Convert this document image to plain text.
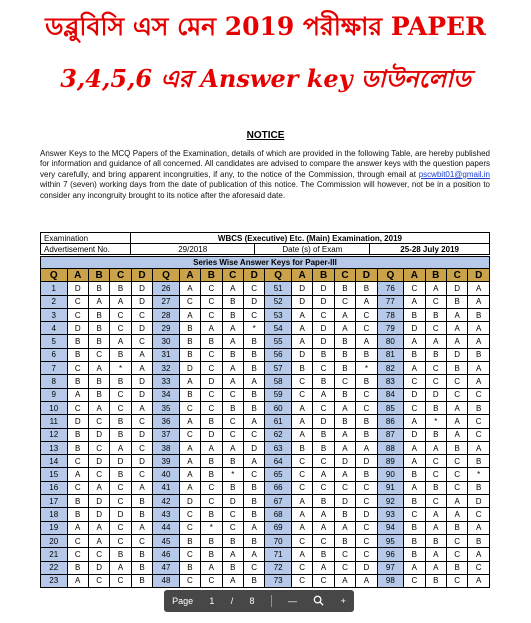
ডব্লুবিসি এস মেন 2019 পরীক্ষার PAPER
3,4,5,6 এর Answer key ডাউনলোড
NOTICE
Answer Keys to the MCQ Papers of the Examination, details of which are provided in the following Table, are hereby published for information and guidance of all concerned. All candidates are advised to compare the answer keys with the question papers very carefully, and bring apparent incongruities, if any, to the notice of the Commission, through email at pscwbit01@gmail.in within 7 (seven) working days from the date of publication of this notice. The Commission will however, not be in a position to consider any incongruity brought to its notice after the aforesaid date.
Examination	WBCS (Executive) Etc. (Main) Examination, 2019		
Advertisement No.	29/2018	Date (s) of Exam	25-28 July 2019
Series Wise Answer Keys for Paper-III																			
Q	A	B	C	D	Q	A	B	C	D	Q	A	B	C	D	Q	A	B	C	D
1	D	B	B	D	26	A	C	A	C	51	D	D	B	B	76	C	A	D	A
2	C	A	A	D	27	C	C	B	D	52	D	D	C	A	77	A	C	B	A
3	C	B	C	C	28	A	C	B	C	53	A	C	A	C	78	B	B	A	B
4	D	B	C	D	29	B	A	A	*	54	A	D	A	C	79	D	C	A	A
5	B	B	A	C	30	B	B	A	B	55	A	D	B	A	80	A	A	A	A
6	B	C	B	A	31	B	C	B	B	56	D	B	B	B	81	B	B	D	B
7	C	A	*	A	32	D	C	A	B	57	B	C	B	*	82	A	C	B	A
8	B	B	B	D	33	A	D	A	A	58	C	B	C	B	83	C	C	C	A
9	A	B	C	D	34	B	C	C	B	59	C	A	B	C	84	D	D	C	C
10	C	A	C	A	35	C	C	B	B	60	A	C	A	C	85	C	B	A	B
11	D	C	B	C	36	A	B	C	A	61	A	D	B	B	86	A	*	A	C
12	B	D	B	D	37	C	D	C	C	62	A	B	A	B	87	D	B	A	C
13	B	C	A	C	38	A	A	A	D	63	B	B	A	A	88	A	A	B	A
14	C	D	D	D	39	A	B	B	A	64	C	C	D	D	89	A	C	C	B
15	A	C	B	C	40	A	B	*	C	65	C	A	A	B	90	B	C	C	*
16	C	A	C	A	41	A	C	B	B	66	C	C	C	C	91	A	B	C	B
17	B	D	C	B	42	D	C	D	B	67	A	B	D	C	92	B	C	A	D
18	B	D	D	B	43	C	B	C	B	68	A	A	B	D	93	C	A	A	C
19	A	A	C	A	44	C	*	C	A	69	A	A	A	C	94	B	A	B	A
20	C	A	C	C	45	B	B	B	B	70	C	C	B	C	95	B	B	C	B
21	C	C	B	B	46	C	B	A	A	71	A	B	C	C	96	B	A	C	A
22	B	D	A	B	47	B	A	B	C	72	C	A	C	D	97	A	A	B	C
23	A	C	C	B	48	C	C	A	B	73	C	C	A	A	98	C	B	C	A
Page 1 / 8	—	+
